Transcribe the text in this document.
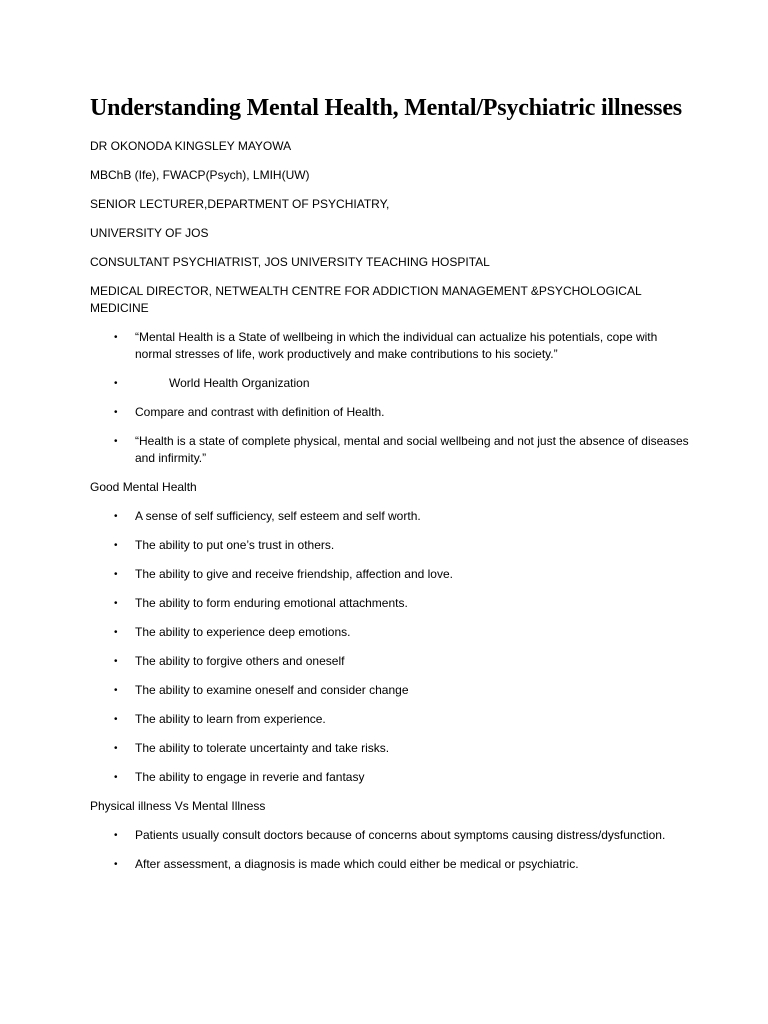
Understanding Mental Health, Mental/Psychiatric illnesses

DR OKONODA KINGSLEY MAYOWA

MBChB (Ife), FWACP(Psych), LMIH(UW)

SENIOR LECTURER,DEPARTMENT OF PSYCHIATRY,

UNIVERSITY OF JOS

CONSULTANT PSYCHIATRIST, JOS UNIVERSITY TEACHING HOSPITAL

MEDICAL DIRECTOR, NETWEALTH CENTRE FOR ADDICTION MANAGEMENT &PSYCHOLOGICAL MEDICINE

• “Mental Health is a State of wellbeing in which the individual can actualize his potentials, cope with normal stresses of life, work productively and make contributions to his society.”
•	World Health Organization
• Compare and contrast with definition of Health.
• “Health is a state of complete physical, mental and social wellbeing and not just the absence of diseases and infirmity.”

Good Mental Health

• A sense of self sufficiency, self esteem and self worth.
• The ability to put one’s trust in others.
• The ability to give and receive friendship, affection and love.
• The ability to form enduring emotional attachments.
• The ability to experience deep emotions.
• The ability to forgive others and oneself
• The ability to examine oneself and consider change
• The ability to learn from experience.
• The ability to tolerate uncertainty and take risks.
• The ability to engage in reverie and fantasy

Physical illness Vs Mental Illness

• Patients usually consult doctors because of concerns about symptoms causing distress/dysfunction.
• After assessment, a diagnosis is made which could either be medical or psychiatric.
